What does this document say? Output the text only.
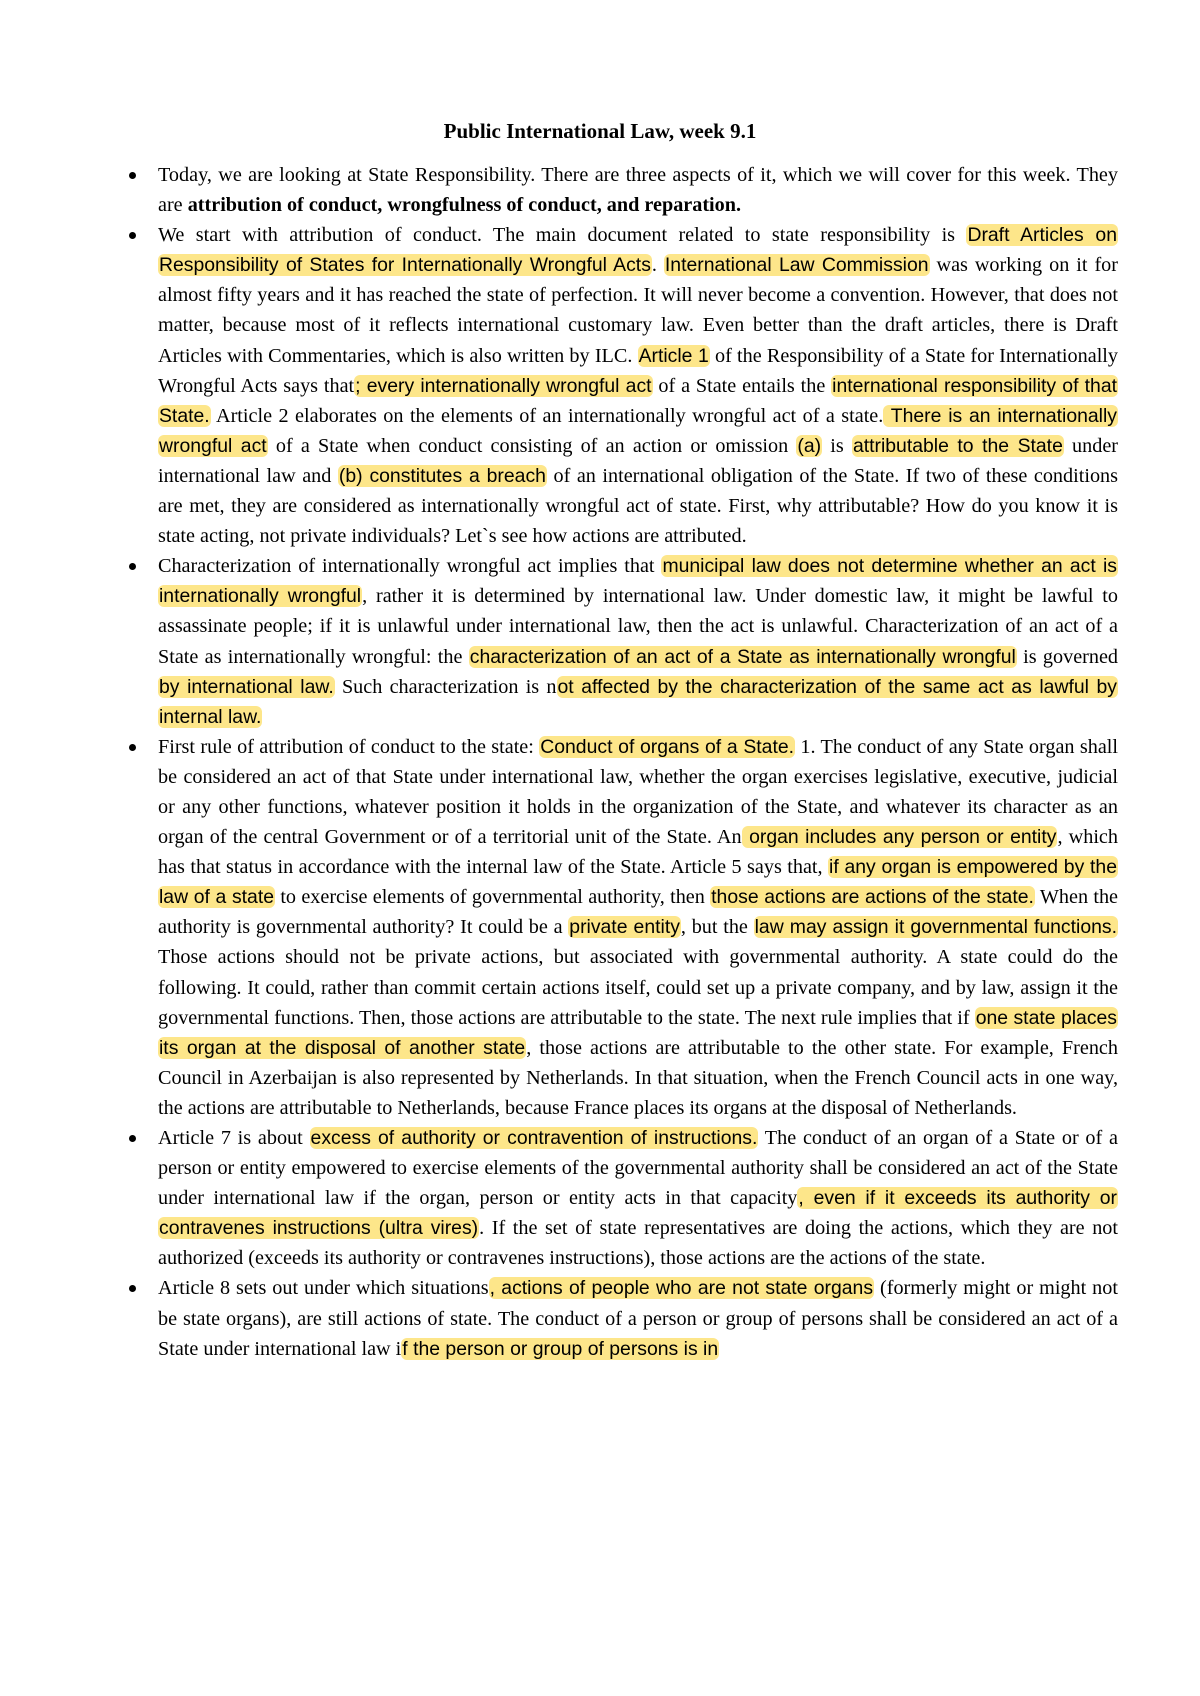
Public International Law, week 9.1
Today, we are looking at State Responsibility. There are three aspects of it, which we will cover for this week. They are attribution of conduct, wrongfulness of conduct, and reparation.
We start with attribution of conduct. The main document related to state responsibility is Draft Articles on Responsibility of States for Internationally Wrongful Acts. International Law Commission was working on it for almost fifty years and it has reached the state of perfection. It will never become a convention. However, that does not matter, because most of it reflects international customary law. Even better than the draft articles, there is Draft Articles with Commentaries, which is also written by ILC. Article 1 of the Responsibility of a State for Internationally Wrongful Acts says that; every internationally wrongful act of a State entails the international responsibility of that State. Article 2 elaborates on the elements of an internationally wrongful act of a state. There is an internationally wrongful act of a State when conduct consisting of an action or omission (a) is attributable to the State under international law and (b) constitutes a breach of an international obligation of the State. If two of these conditions are met, they are considered as internationally wrongful act of state. First, why attributable? How do you know it is state acting, not private individuals? Let`s see how actions are attributed.
Characterization of internationally wrongful act implies that municipal law does not determine whether an act is internationally wrongful, rather it is determined by international law. Under domestic law, it might be lawful to assassinate people; if it is unlawful under international law, then the act is unlawful. Characterization of an act of a State as internationally wrongful: the characterization of an act of a State as internationally wrongful is governed by international law. Such characterization is not affected by the characterization of the same act as lawful by internal law.
First rule of attribution of conduct to the state: Conduct of organs of a State. 1. The conduct of any State organ shall be considered an act of that State under international law, whether the organ exercises legislative, executive, judicial or any other functions, whatever position it holds in the organization of the State, and whatever its character as an organ of the central Government or of a territorial unit of the State. An organ includes any person or entity, which has that status in accordance with the internal law of the State. Article 5 says that, if any organ is empowered by the law of a state to exercise elements of governmental authority, then those actions are actions of the state. When the authority is governmental authority? It could be a private entity, but the law may assign it governmental functions. Those actions should not be private actions, but associated with governmental authority. A state could do the following. It could, rather than commit certain actions itself, could set up a private company, and by law, assign it the governmental functions. Then, those actions are attributable to the state. The next rule implies that if one state places its organ at the disposal of another state, those actions are attributable to the other state. For example, French Council in Azerbaijan is also represented by Netherlands. In that situation, when the French Council acts in one way, the actions are attributable to Netherlands, because France places its organs at the disposal of Netherlands.
Article 7 is about excess of authority or contravention of instructions. The conduct of an organ of a State or of a person or entity empowered to exercise elements of the governmental authority shall be considered an act of the State under international law if the organ, person or entity acts in that capacity, even if it exceeds its authority or contravenes instructions (ultra vires). If the set of state representatives are doing the actions, which they are not authorized (exceeds its authority or contravenes instructions), those actions are the actions of the state.
Article 8 sets out under which situations, actions of people who are not state organs (formerly might or might not be state organs), are still actions of state. The conduct of a person or group of persons shall be considered an act of a State under international law if the person or group of persons is in
